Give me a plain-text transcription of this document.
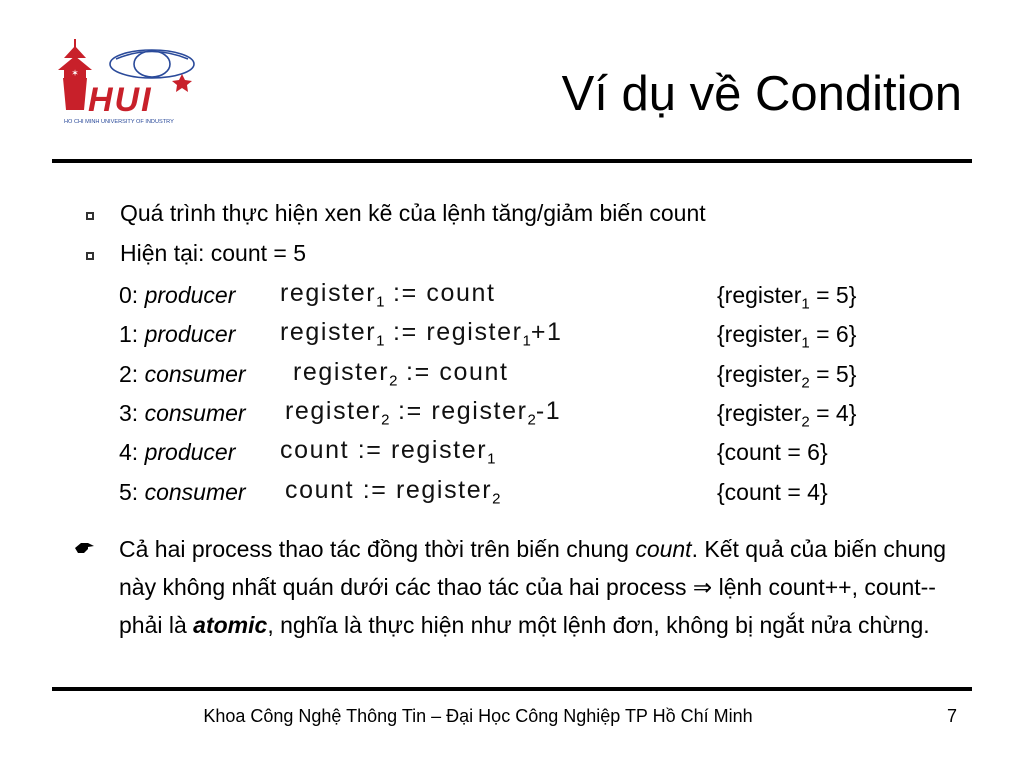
✶
HUI
HO CHI MINH UNIVERSITY OF INDUSTRY
Ví dụ về Condition
Quá trình thực hiện xen kẽ của lệnh tăng/giảm biến count
Hiện tại: count = 5
0: producer register$_1$ := count	{register$_1$ = 5}
1: producer register$_1$ := register$_1$+1	{register$_1$ = 6}
2: consumer register$_2$ := count	{register$_2$ = 5}
3: consumer register$_2$ := register$_2$-1	{register$_2$ = 4}
4: producer count := register$_1$	{count = 6}
5: consumer count := register$_2$	{count = 4}
Cả hai process thao tác đồng thời trên biến chung count. Kết quả của biến chung này không nhất quán dưới các thao tác của hai process ⇒ lệnh count++, count-- phải là atomic, nghĩa là thực hiện như một lệnh đơn, không bị ngắt nửa chừng.
Khoa Công Nghệ Thông Tin – Đại Học Công Nghiệp TP Hồ Chí Minh	7
